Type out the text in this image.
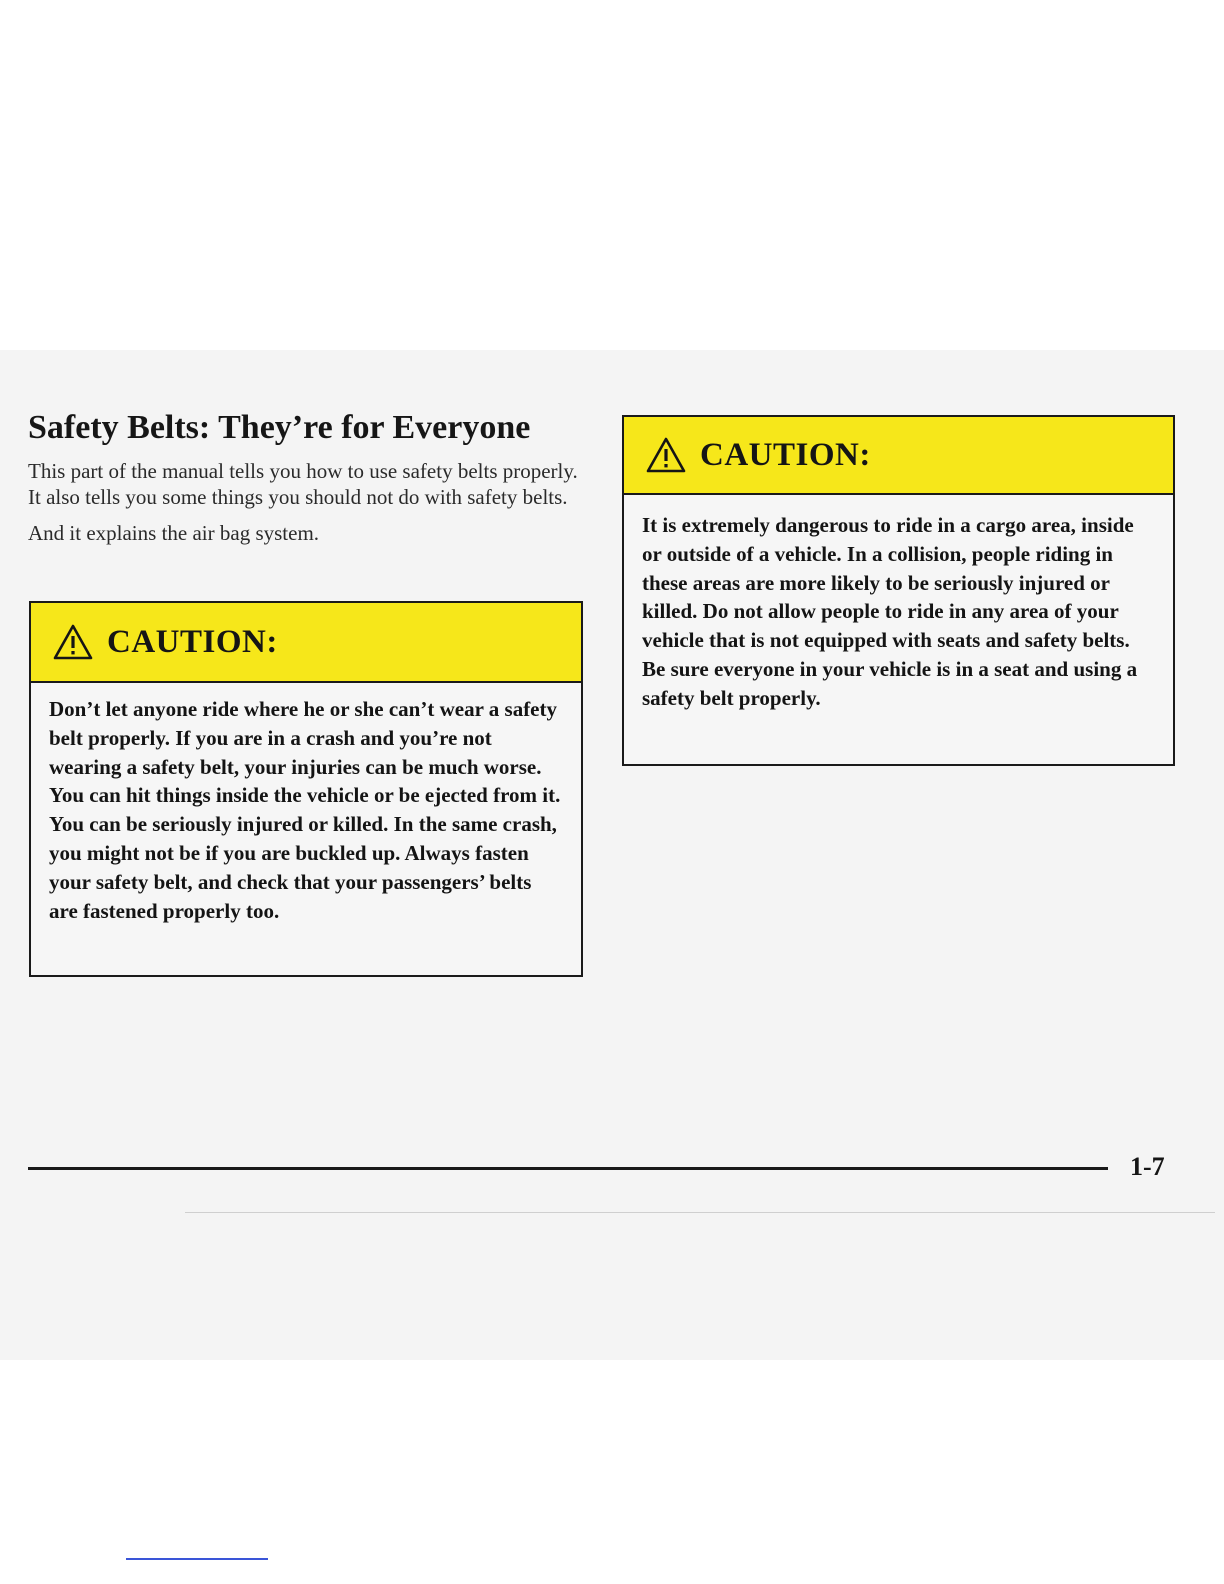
Safety Belts: They’re for Everyone

This part of the manual tells you how to use safety belts properly. It also tells you some things you should not do with safety belts.

And it explains the air bag system.

CAUTION:
Don’t let anyone ride where he or she can’t wear a safety belt properly. If you are in a crash and you’re not wearing a safety belt, your injuries can be much worse. You can hit things inside the vehicle or be ejected from it. You can be seriously injured or killed. In the same crash, you might not be if you are buckled up. Always fasten your safety belt, and check that your passengers’ belts are fastened properly too.
CAUTION:
It is extremely dangerous to ride in a cargo area, inside or outside of a vehicle. In a collision, people riding in these areas are more likely to be seriously injured or killed. Do not allow people to ride in any area of your vehicle that is not equipped with seats and safety belts. Be sure everyone in your vehicle is in a seat and using a safety belt properly.
1-7
